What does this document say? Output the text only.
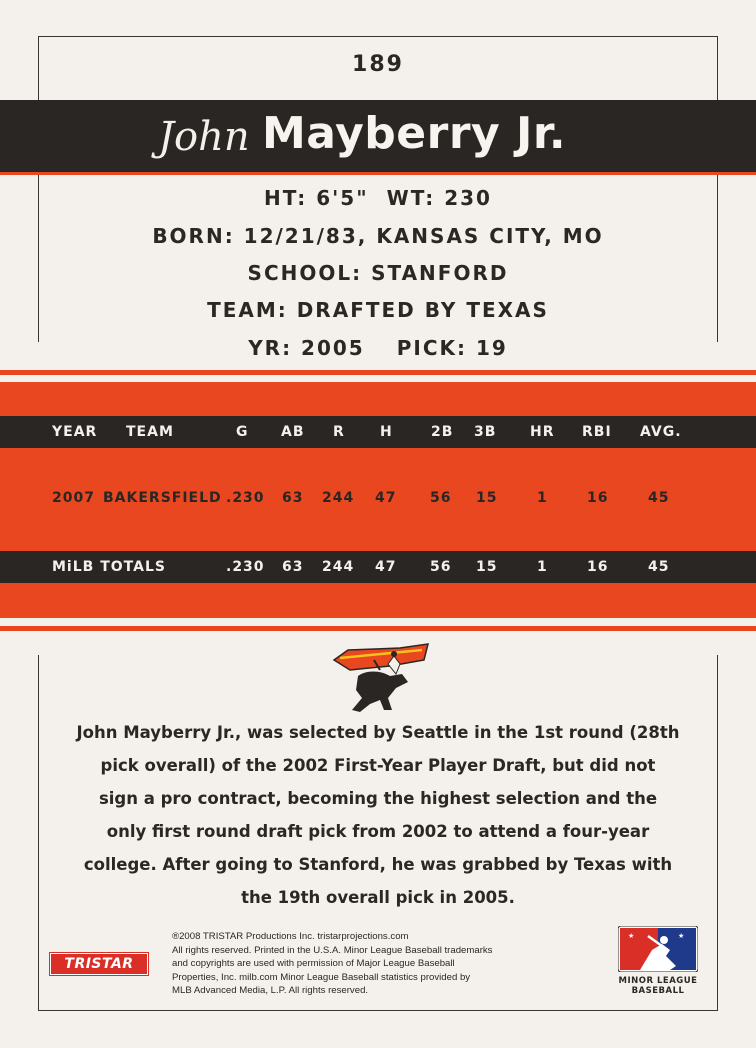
189
John Mayberry Jr.
HT: 6'5" WT: 230
BORN: 12/21/83, KANSAS CITY, MO
SCHOOL: STANFORD
TEAM: DRAFTED BY TEXAS
YR: 2005 PICK: 19
YEAR TEAM	G AB R	H	2B 3B HR RBI AVG.
2007 BAKERSFIELD .230 63 244 47 56 15	1	16	45
MiLB TOTALS	.230 63 244 47 56 15	1	16	45
John Mayberry Jr., was selected by Seattle in the 1st round (28th
pick overall) of the 2002 First-Year Player Draft, but did not
sign a pro contract, becoming the highest selection and the
only first round draft pick from 2002 to attend a four-year
college. After going to Stanford, he was grabbed by Texas with
the 19th overall pick in 2005.
TRISTAR
®2008 TRISTAR Productions Inc. tristarprojections.com
All rights reserved. Printed in the U.S.A. Minor League Baseball trademarks
and copyrights are used with permission of Major League Baseball
Properties, Inc. milb.com Minor League Baseball statistics provided by
MLB Advanced Media, L.P. All rights reserved.
★	★
MINOR LEAGUE
BASEBALL
